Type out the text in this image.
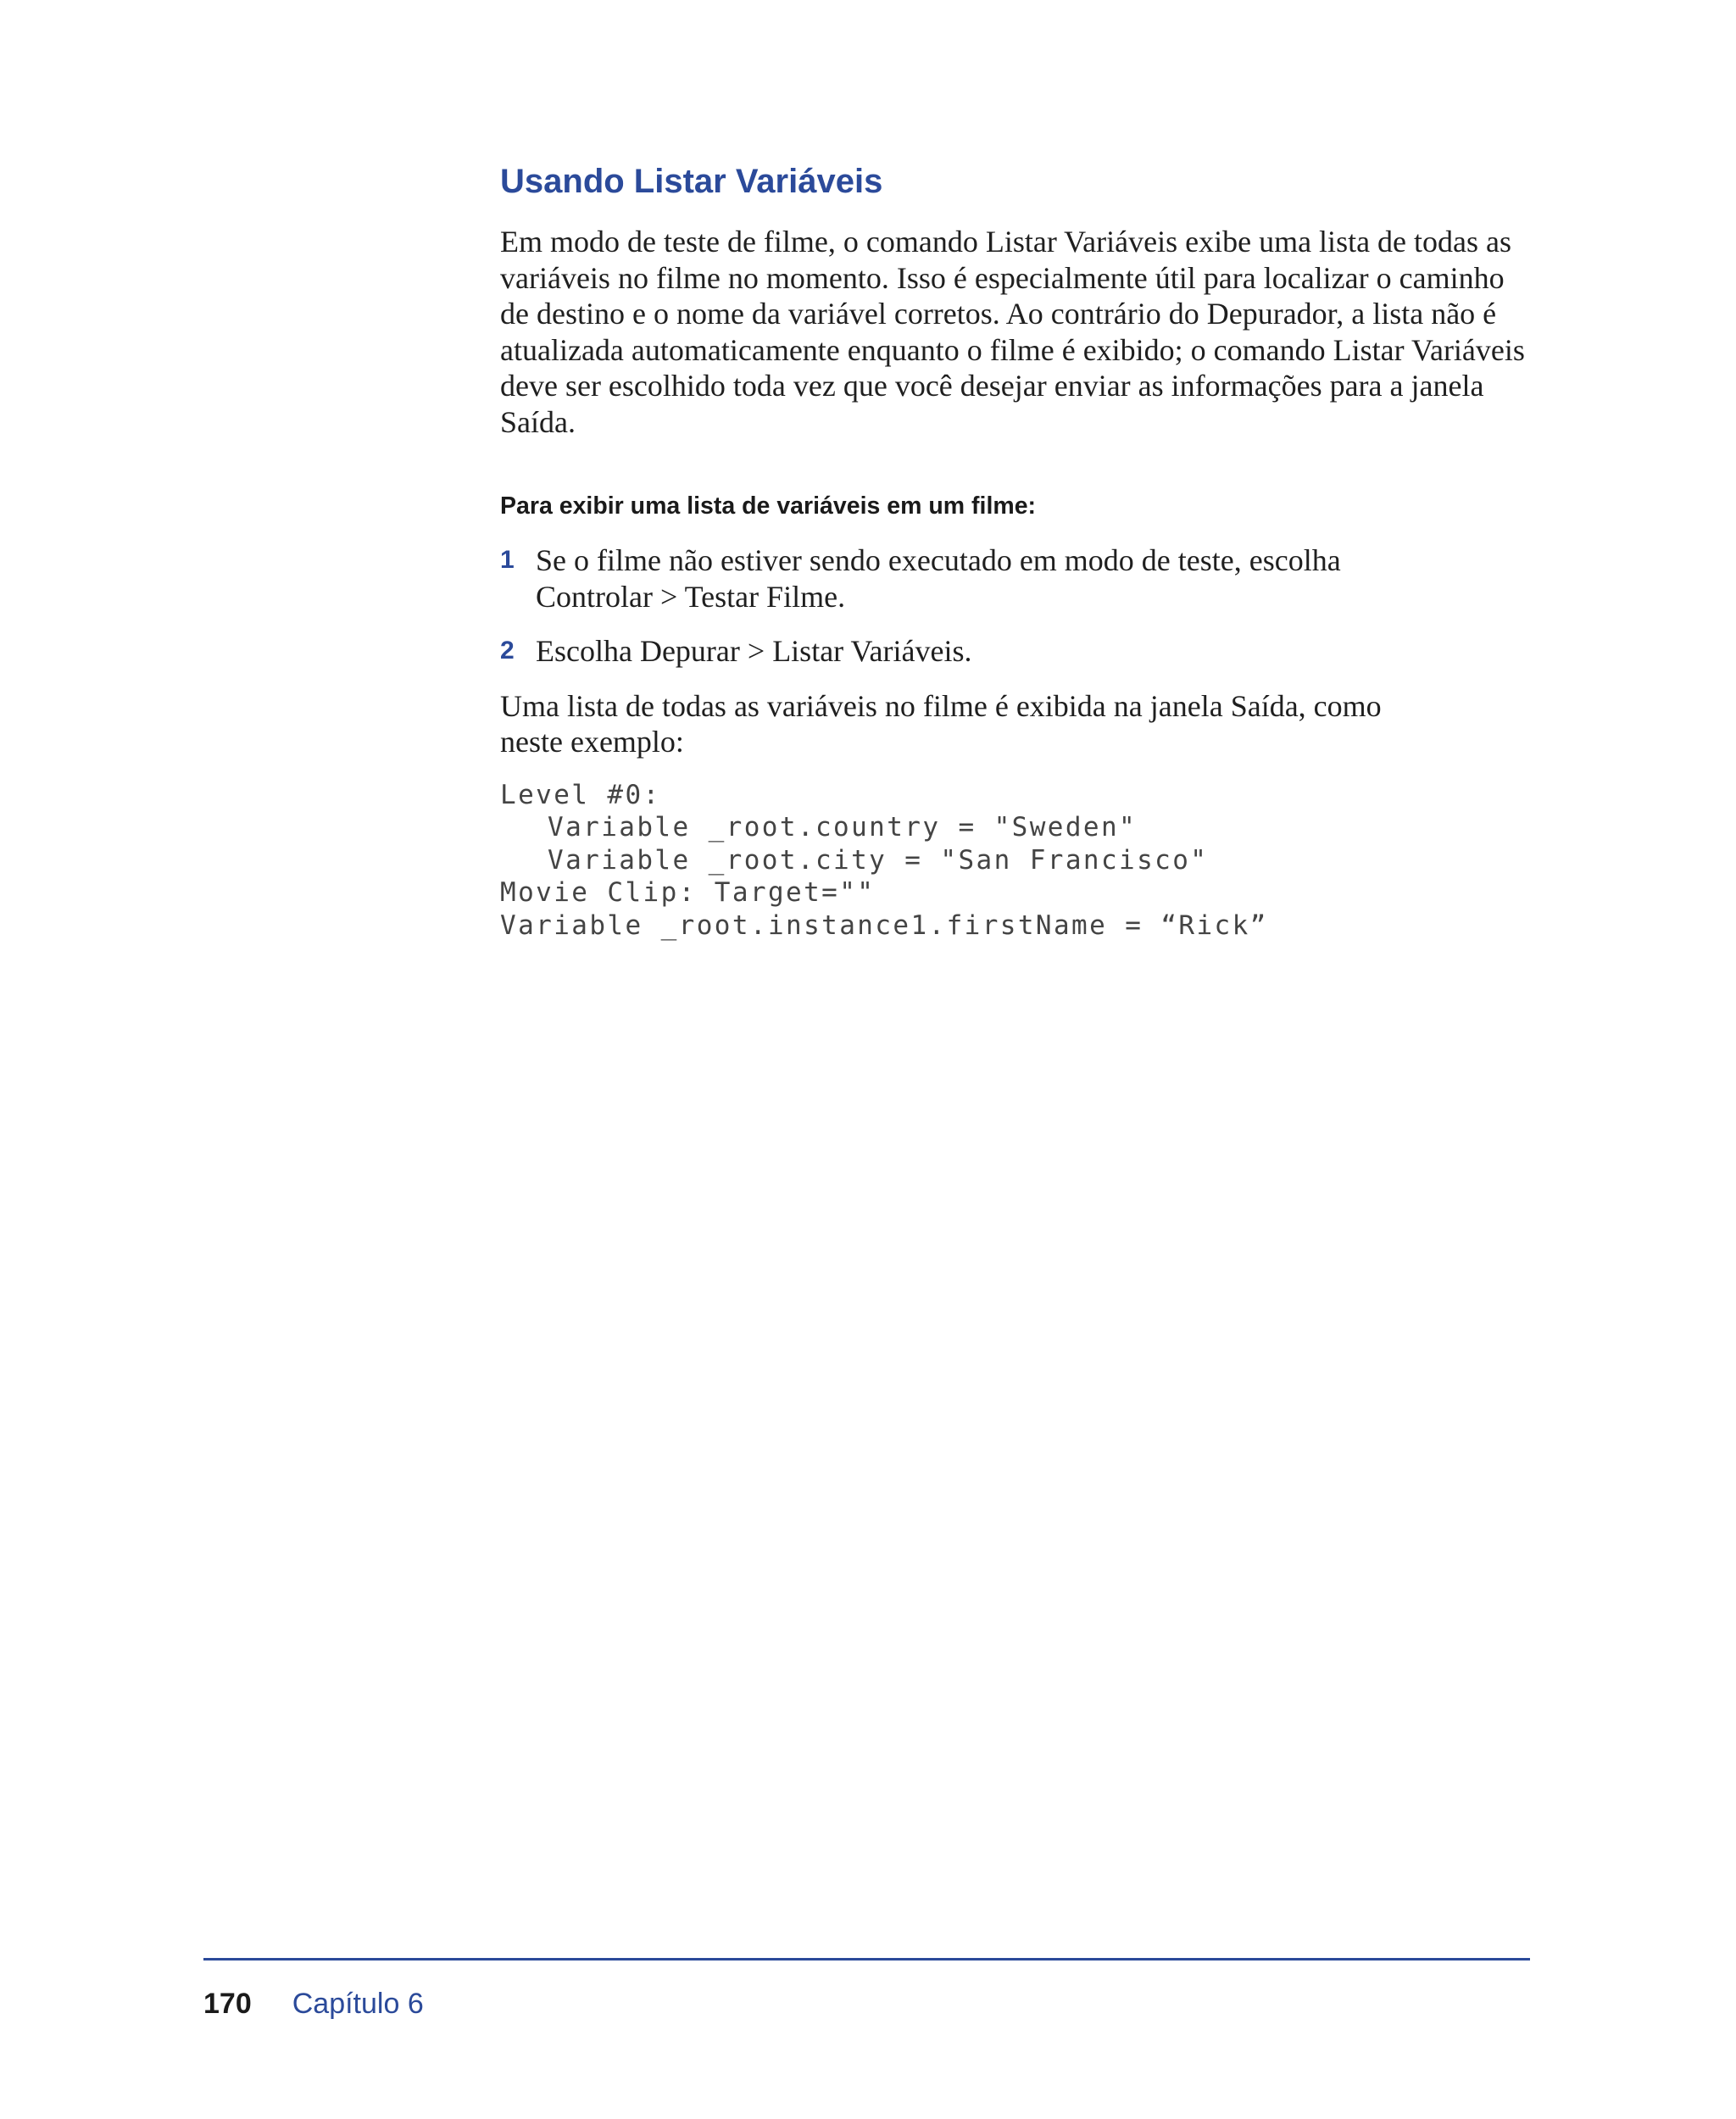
Usando Listar Variáveis

Em modo de teste de filme, o comando Listar Variáveis exibe uma lista de todas as variáveis no filme no momento. Isso é especialmente útil para localizar o caminho de destino e o nome da variável corretos. Ao contrário do Depurador, a lista não é atualizada automaticamente enquanto o filme é exibido; o comando Listar Variáveis deve ser escolhido toda vez que você desejar enviar as informações para a janela Saída.

Para exibir uma lista de variáveis em um filme:
1 Se o filme não estiver sendo executado em modo de teste, escolha Controlar > Testar Filme.
2 Escolha Depurar > Listar Variáveis.

Uma lista de todas as variáveis no filme é exibida na janela Saída, como neste exemplo:

Level #0:
Variable _root.country = "Sweden"
Variable _root.city = "San Francisco"
Movie Clip: Target=""
Variable _root.instance1.firstName = “Rick”
170 Capítulo 6
